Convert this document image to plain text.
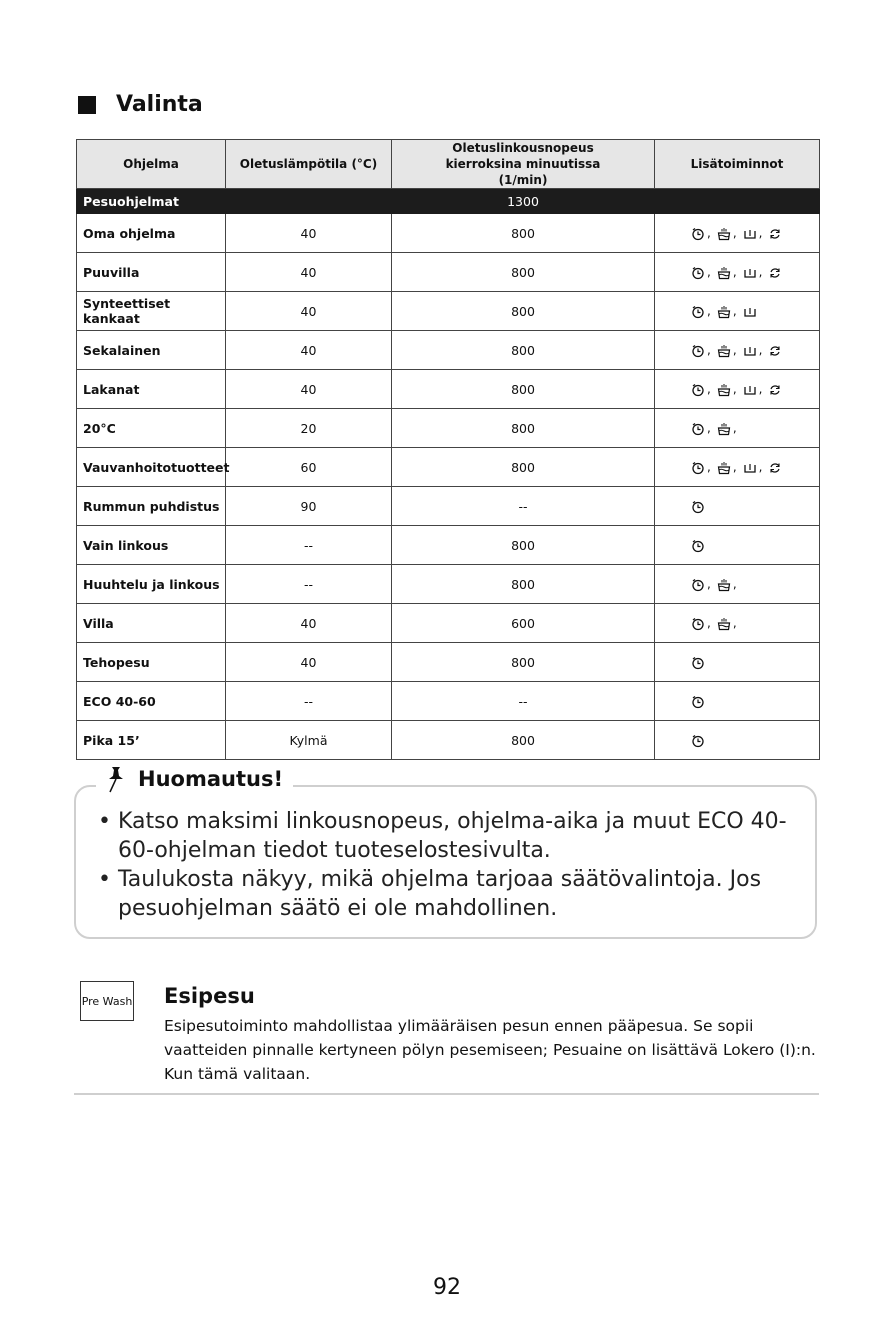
Valinta
Ohjelma	Oletuslämpötila (°C)	Oletuslinkousnopeus kierroksina minuutissa (1/min)	Lisätoiminnot
Pesuohjelmat		1300	
Oma ohjelma	40	800	, , ,

Puuvilla	40	800	, , ,

Synteettiset kankaat	40	800	, ,

Sekalainen	40	800	, , ,

Lakanat	40	800	, , ,

20°C	20	800	, ,

Vauvanhoitotuotteet	60	800	, , ,

Rummun puhdistus	90	--	

Vain linkous	--	800	

Huuhtelu ja linkous	--	800	, ,

Villa	40	600	, ,

Tehopesu	40	800	

ECO 40-60	--	--	

Pika 15’	Kylmä	800	
• Katso maksimi linkousnopeus, ohjelma-aika ja muut ECO 40-60-ohjelman tiedot tuoteselostesivulta.
• Taulukosta näkyy, mikä ohjelma tarjoaa säätövalintoja. Jos pesuohjelman säätö ei ole mahdollinen.
Huomautus!
Pre Wash Esipesu
Esipesutoiminto mahdollistaa ylimääräisen pesun ennen pääpesua. Se sopii vaatteiden pinnalle kertyneen pölyn pesemiseen; Pesuaine on lisättävä Lokero (I):n. Kun tämä valitaan.
92
